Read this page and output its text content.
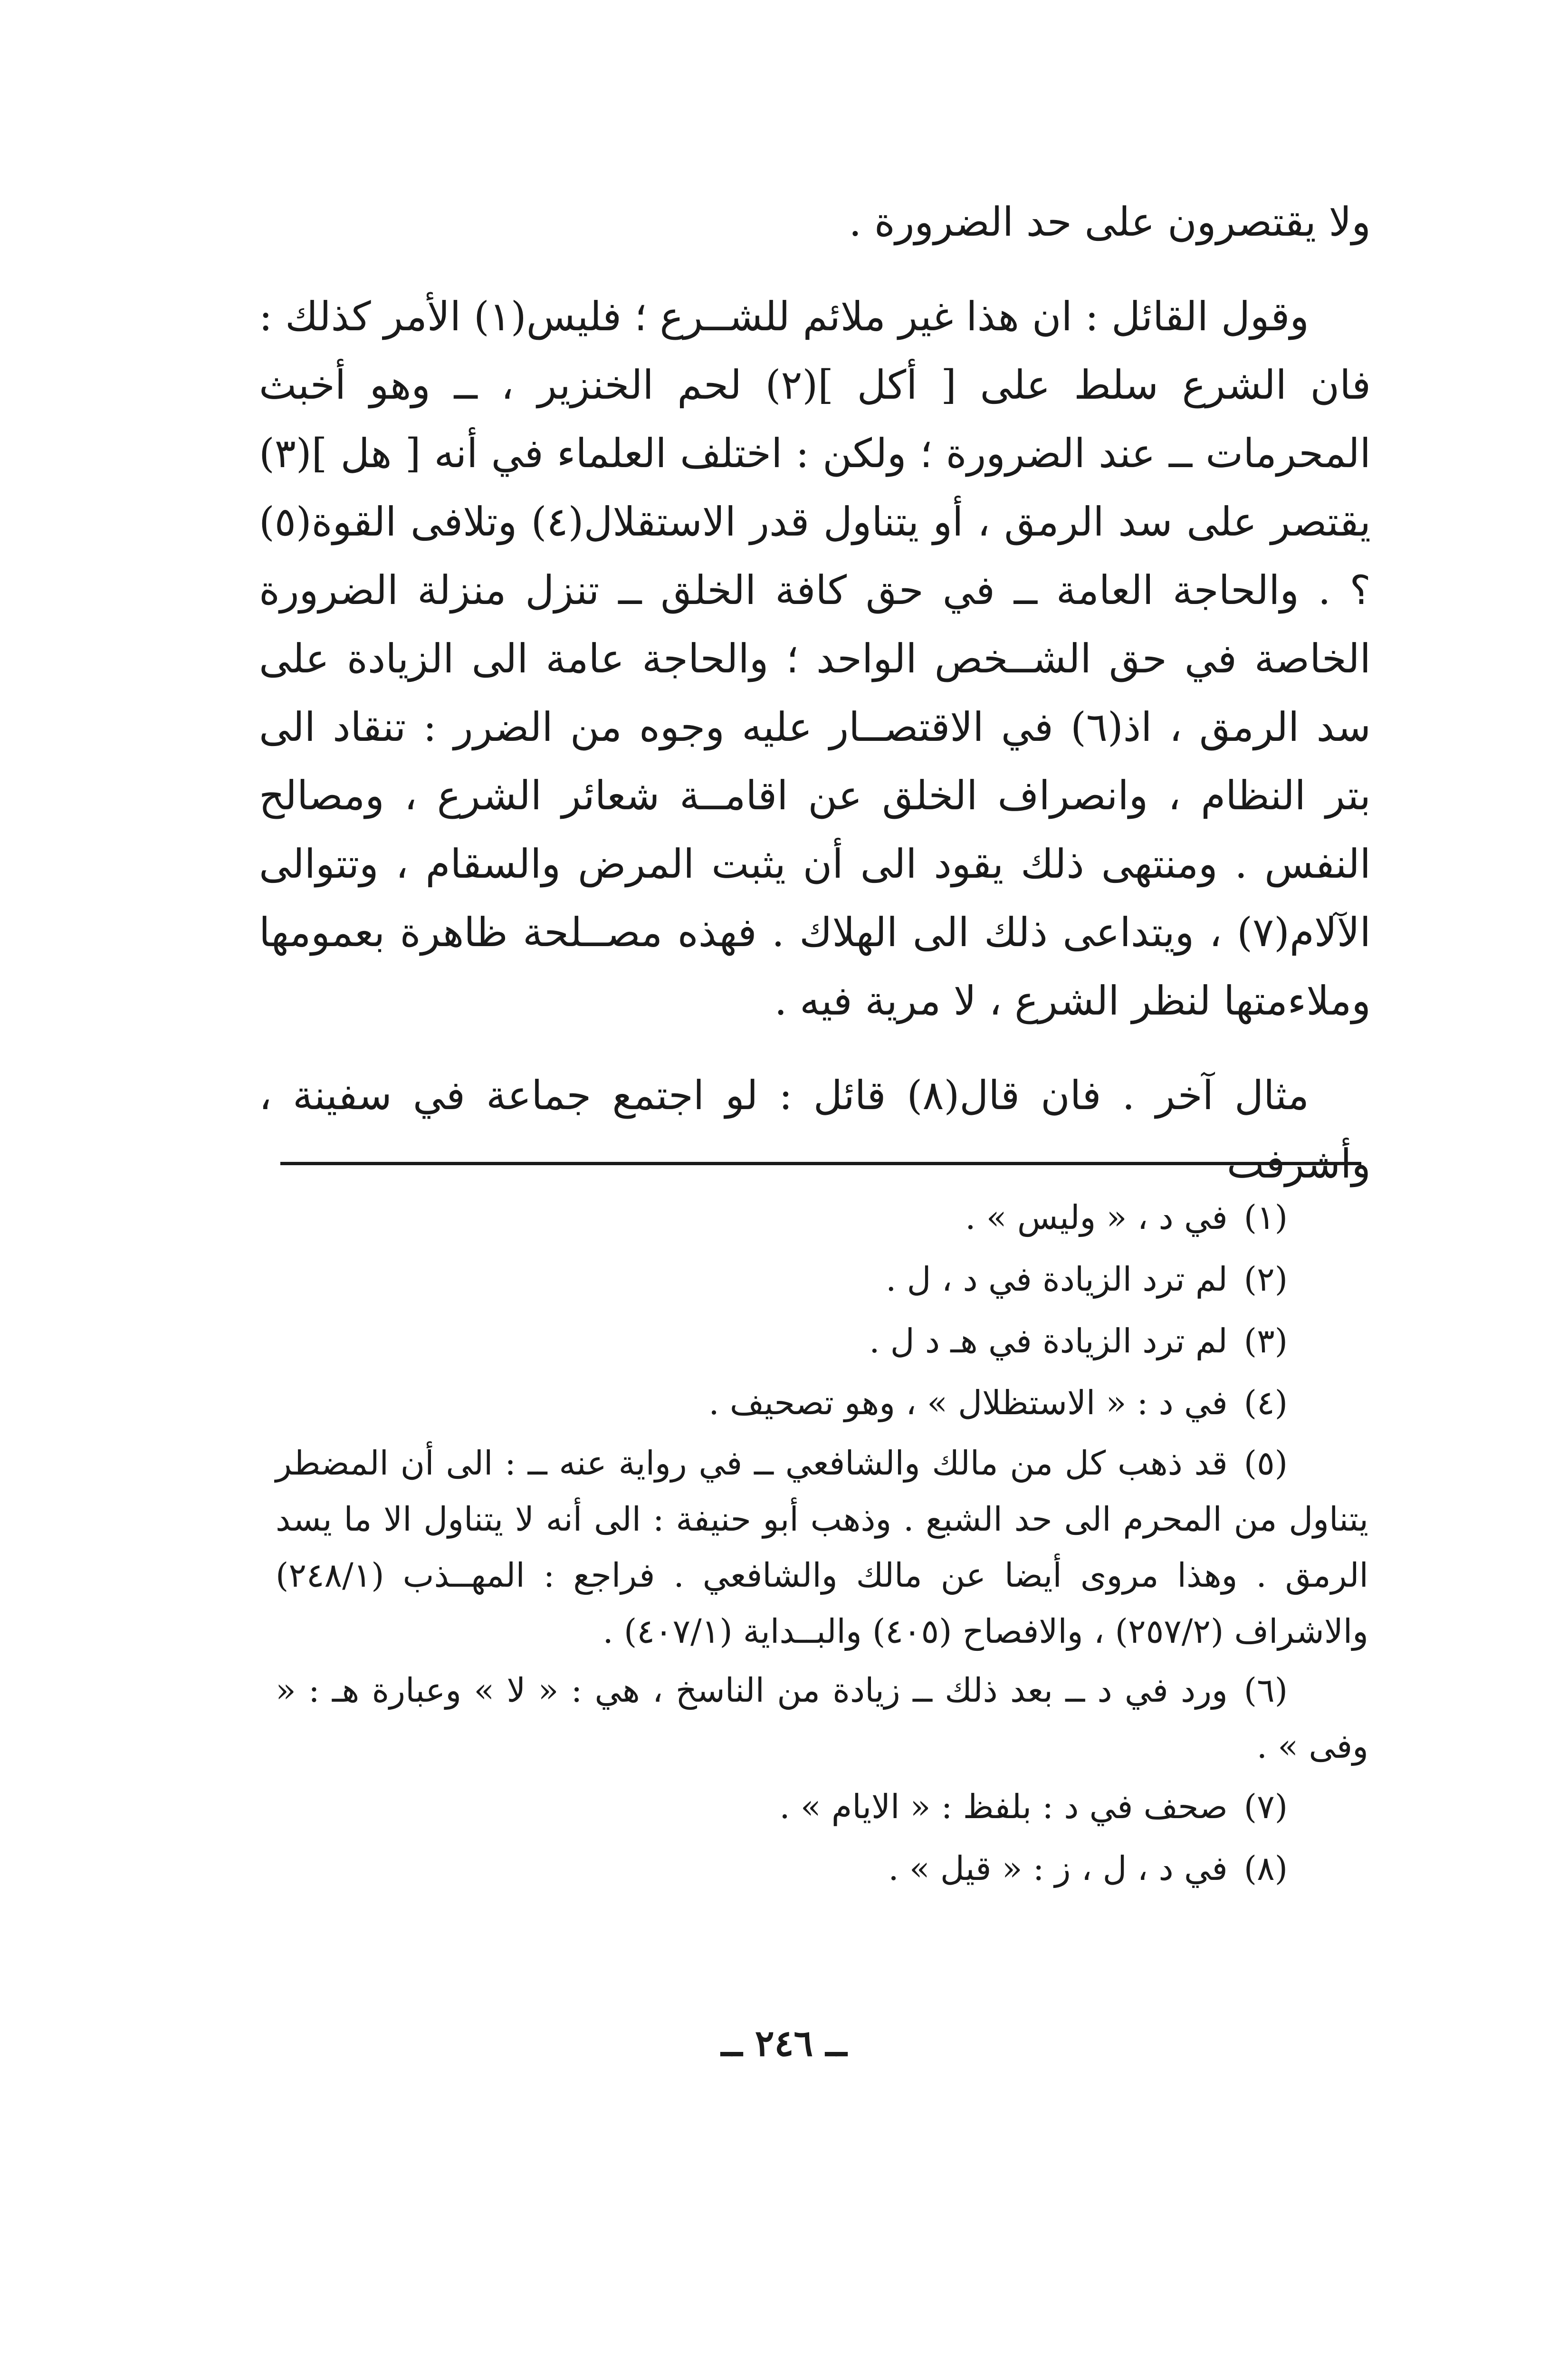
ولا يقتصرون على حد الضرورة .

وقول القائل : ان هذا غير ملائم للشــرع ؛ فليس(١) الأمر كذلك : فان الشرع سلط على [ أكل ](٢) لحم الخنزير ، ــ وهو أخبث المحرمات ــ عند الضرورة ؛ ولكن : اختلف العلماء في أنه [ هل ](٣) يقتصر على سد الرمق ، أو يتناول قدر الاستقلال(٤) وتلافى القوة(٥) ؟ . والحاجة العامة ــ في حق كافة الخلق ــ تنزل منزلة الضرورة الخاصة في حق الشــخص الواحد ؛ والحاجة عامة الى الزيادة على سد الرمق ، اذ(٦) في الاقتصــار عليه وجوه من الضرر : تنقاد الى بتر النظام ، وانصراف الخلق عن اقامــة شعائر الشرع ، ومصالح النفس . ومنتهى ذلك يقود الى أن يثبت المرض والسقام ، وتتوالى الآلام(٧) ، ويتداعى ذلك الى الهلاك . فهذه مصــلحة ظاهرة بعمومها وملاءمتها لنظر الشرع ، لا مرية فيه .

مثال آخر . فان قال(٨) قائل : لو اجتمع جماعة في سفينة ، وأشرفت

(١)في د ، « وليس » .

(٢)لم ترد الزيادة في د ، ل .

(٣)لم ترد الزيادة في هـ د ل .

(٤)في د : « الاستظلال » ، وهو تصحيف .

(٥)قد ذهب كل من مالك والشافعي ــ في رواية عنه ــ : الى أن المضطر يتناول من المحرم الى حد الشبع . وذهب أبو حنيفة : الى أنه لا يتناول الا ما يسد الرمق . وهذا مروى أيضا عن مالك والشافعي . فراجع : المهــذب (٢٤٨/١) والاشراف (٢٥٧/٢) ، والافصاح (٤٠٥) والبــداية (٤٠٧/١) .

(٦)ورد في د ــ بعد ذلك ــ زيادة من الناسخ ، هي : « لا » وعبارة هـ : « وفى » .

(٧)صحف في د : بلفظ : « الايام » .

(٨)في د ، ل ، ز : « قيل » .

ــ ٢٤٦ ــ
